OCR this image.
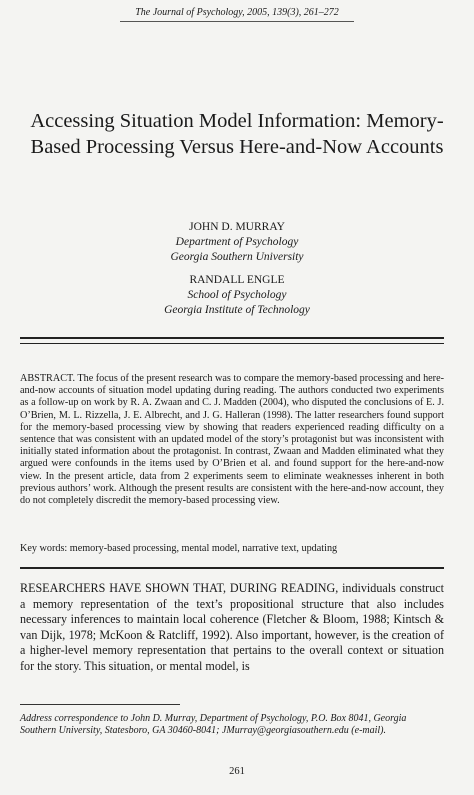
The Journal of Psychology, 2005, 139(3), 261–272
Accessing Situation Model Information: Memory-Based Processing Versus Here-and-Now Accounts
JOHN D. MURRAY
Department of Psychology
Georgia Southern University
RANDALL ENGLE
School of Psychology
Georgia Institute of Technology
ABSTRACT. The focus of the present research was to compare the memory-based processing and here-and-now accounts of situation model updating during reading. The authors conducted two experiments as a follow-up on work by R. A. Zwaan and C. J. Madden (2004), who disputed the conclusions of E. J. O’Brien, M. L. Rizzella, J. E. Albrecht, and J. G. Halleran (1998). The latter researchers found support for the memory-based processing view by showing that readers experienced reading difficulty on a sentence that was consistent with an updated model of the story’s protagonist but was inconsistent with initially stated information about the protagonist. In contrast, Zwaan and Madden eliminated what they argued were confounds in the items used by O’Brien et al. and found support for the here-and-now view. In the present article, data from 2 experiments seem to eliminate weaknesses inherent in both previous authors’ work. Although the present results are consistent with the here-and-now account, they do not completely discredit the memory-based processing view.
Key words: memory-based processing, mental model, narrative text, updating
RESEARCHERS HAVE SHOWN THAT, DURING READING, individuals construct a memory representation of the text’s propositional structure that also includes necessary inferences to maintain local coherence (Fletcher & Bloom, 1988; Kintsch & van Dijk, 1978; McKoon & Ratcliff, 1992). Also important, however, is the creation of a higher-level memory representation that pertains to the overall context or situation for the story. This situation, or mental model, is
Address correspondence to John D. Murray, Department of Psychology, P.O. Box 8041, Georgia Southern University, Statesboro, GA 30460-8041; JMurray@georgiasouthern.edu (e-mail).
261
